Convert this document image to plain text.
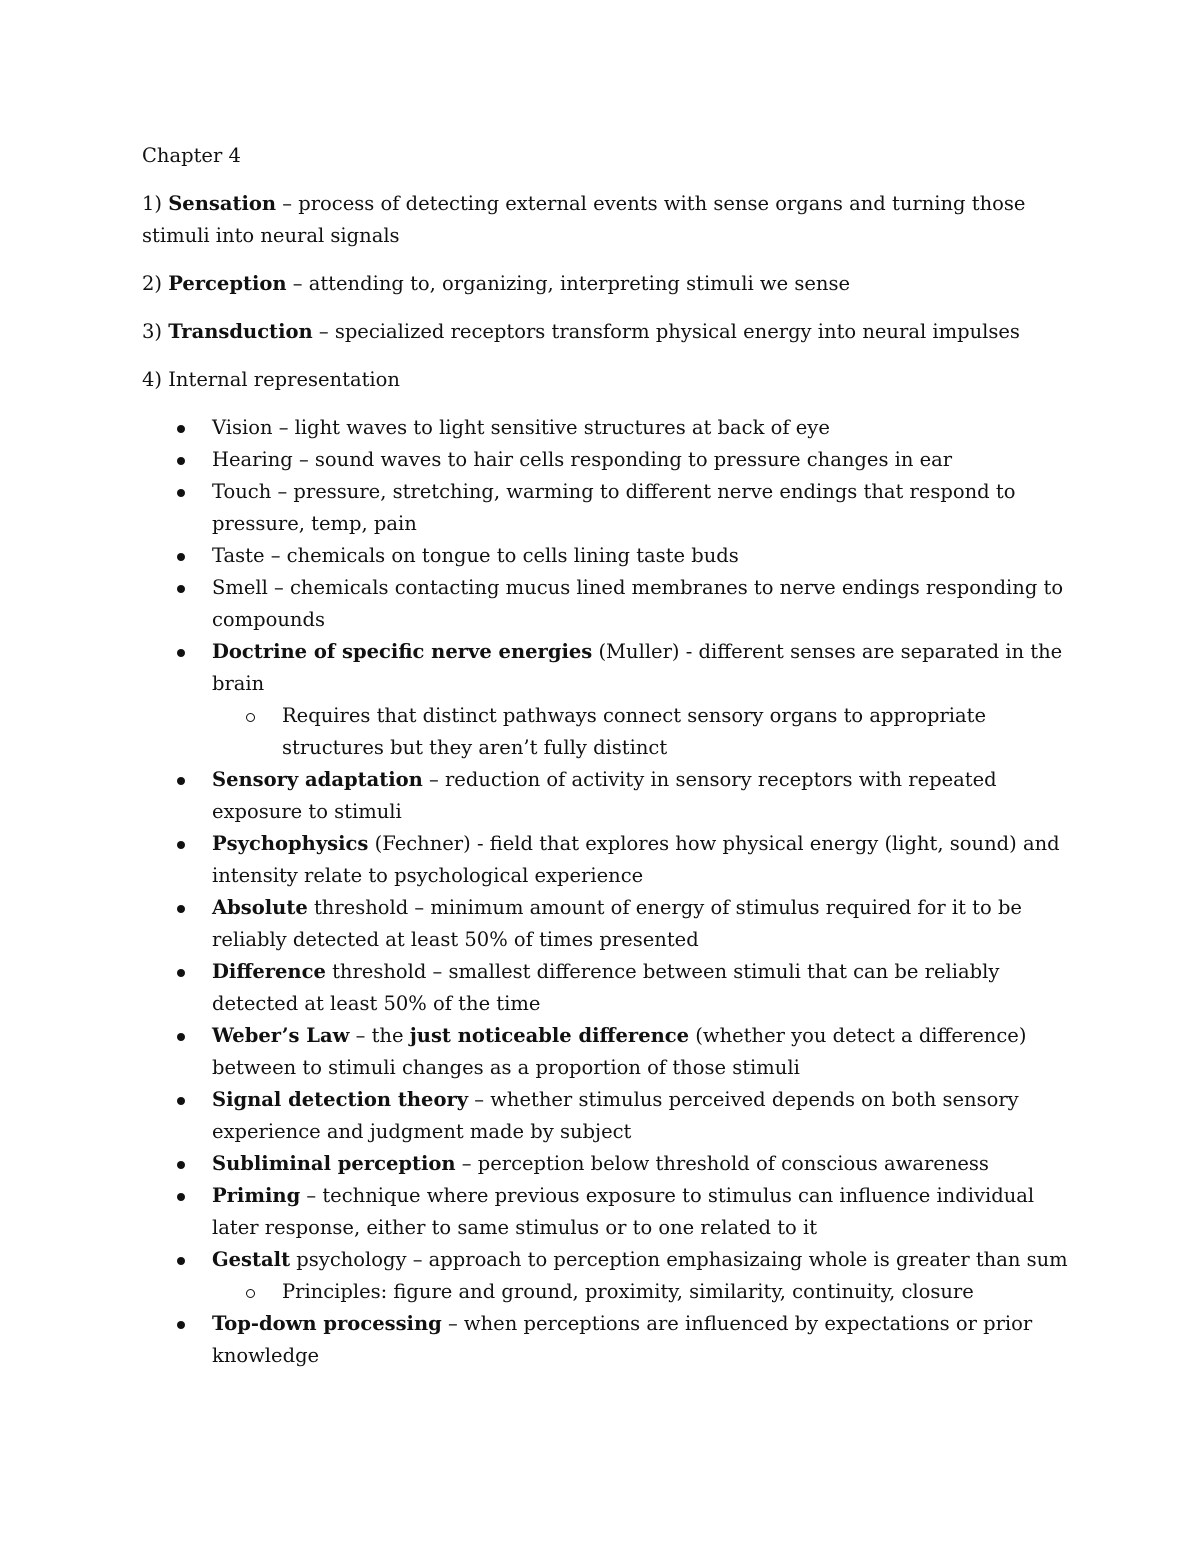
Chapter 4
1) Sensation – process of detecting external events with sense organs and turning those stimuli into neural signals
2) Perception – attending to, organizing, interpreting stimuli we sense
3) Transduction – specialized receptors transform physical energy into neural impulses
4) Internal representation
Vision – light waves to light sensitive structures at back of eye
Hearing – sound waves to hair cells responding to pressure changes in ear
Touch – pressure, stretching, warming to different nerve endings that respond to pressure, temp, pain
Taste – chemicals on tongue to cells lining taste buds
Smell – chemicals contacting mucus lined membranes to nerve endings responding to compounds
Doctrine of specific nerve energies (Muller) - different senses are separated in the brain
Requires that distinct pathways connect sensory organs to appropriate structures but they aren’t fully distinct
Sensory adaptation – reduction of activity in sensory receptors with repeated exposure to stimuli
Psychophysics (Fechner) - field that explores how physical energy (light, sound) and intensity relate to psychological experience
Absolute threshold – minimum amount of energy of stimulus required for it to be reliably detected at least 50% of times presented
Difference threshold – smallest difference between stimuli that can be reliably detected at least 50% of the time
Weber’s Law – the just noticeable difference (whether you detect a difference) between to stimuli changes as a proportion of those stimuli
Signal detection theory – whether stimulus perceived depends on both sensory experience and judgment made by subject
Subliminal perception – perception below threshold of conscious awareness
Priming – technique where previous exposure to stimulus can influence individual later response, either to same stimulus or to one related to it
Gestalt psychology – approach to perception emphasizaing whole is greater than sum
Principles: figure and ground, proximity, similarity, continuity, closure
Top-down processing – when perceptions are influenced by expectations or prior knowledge
